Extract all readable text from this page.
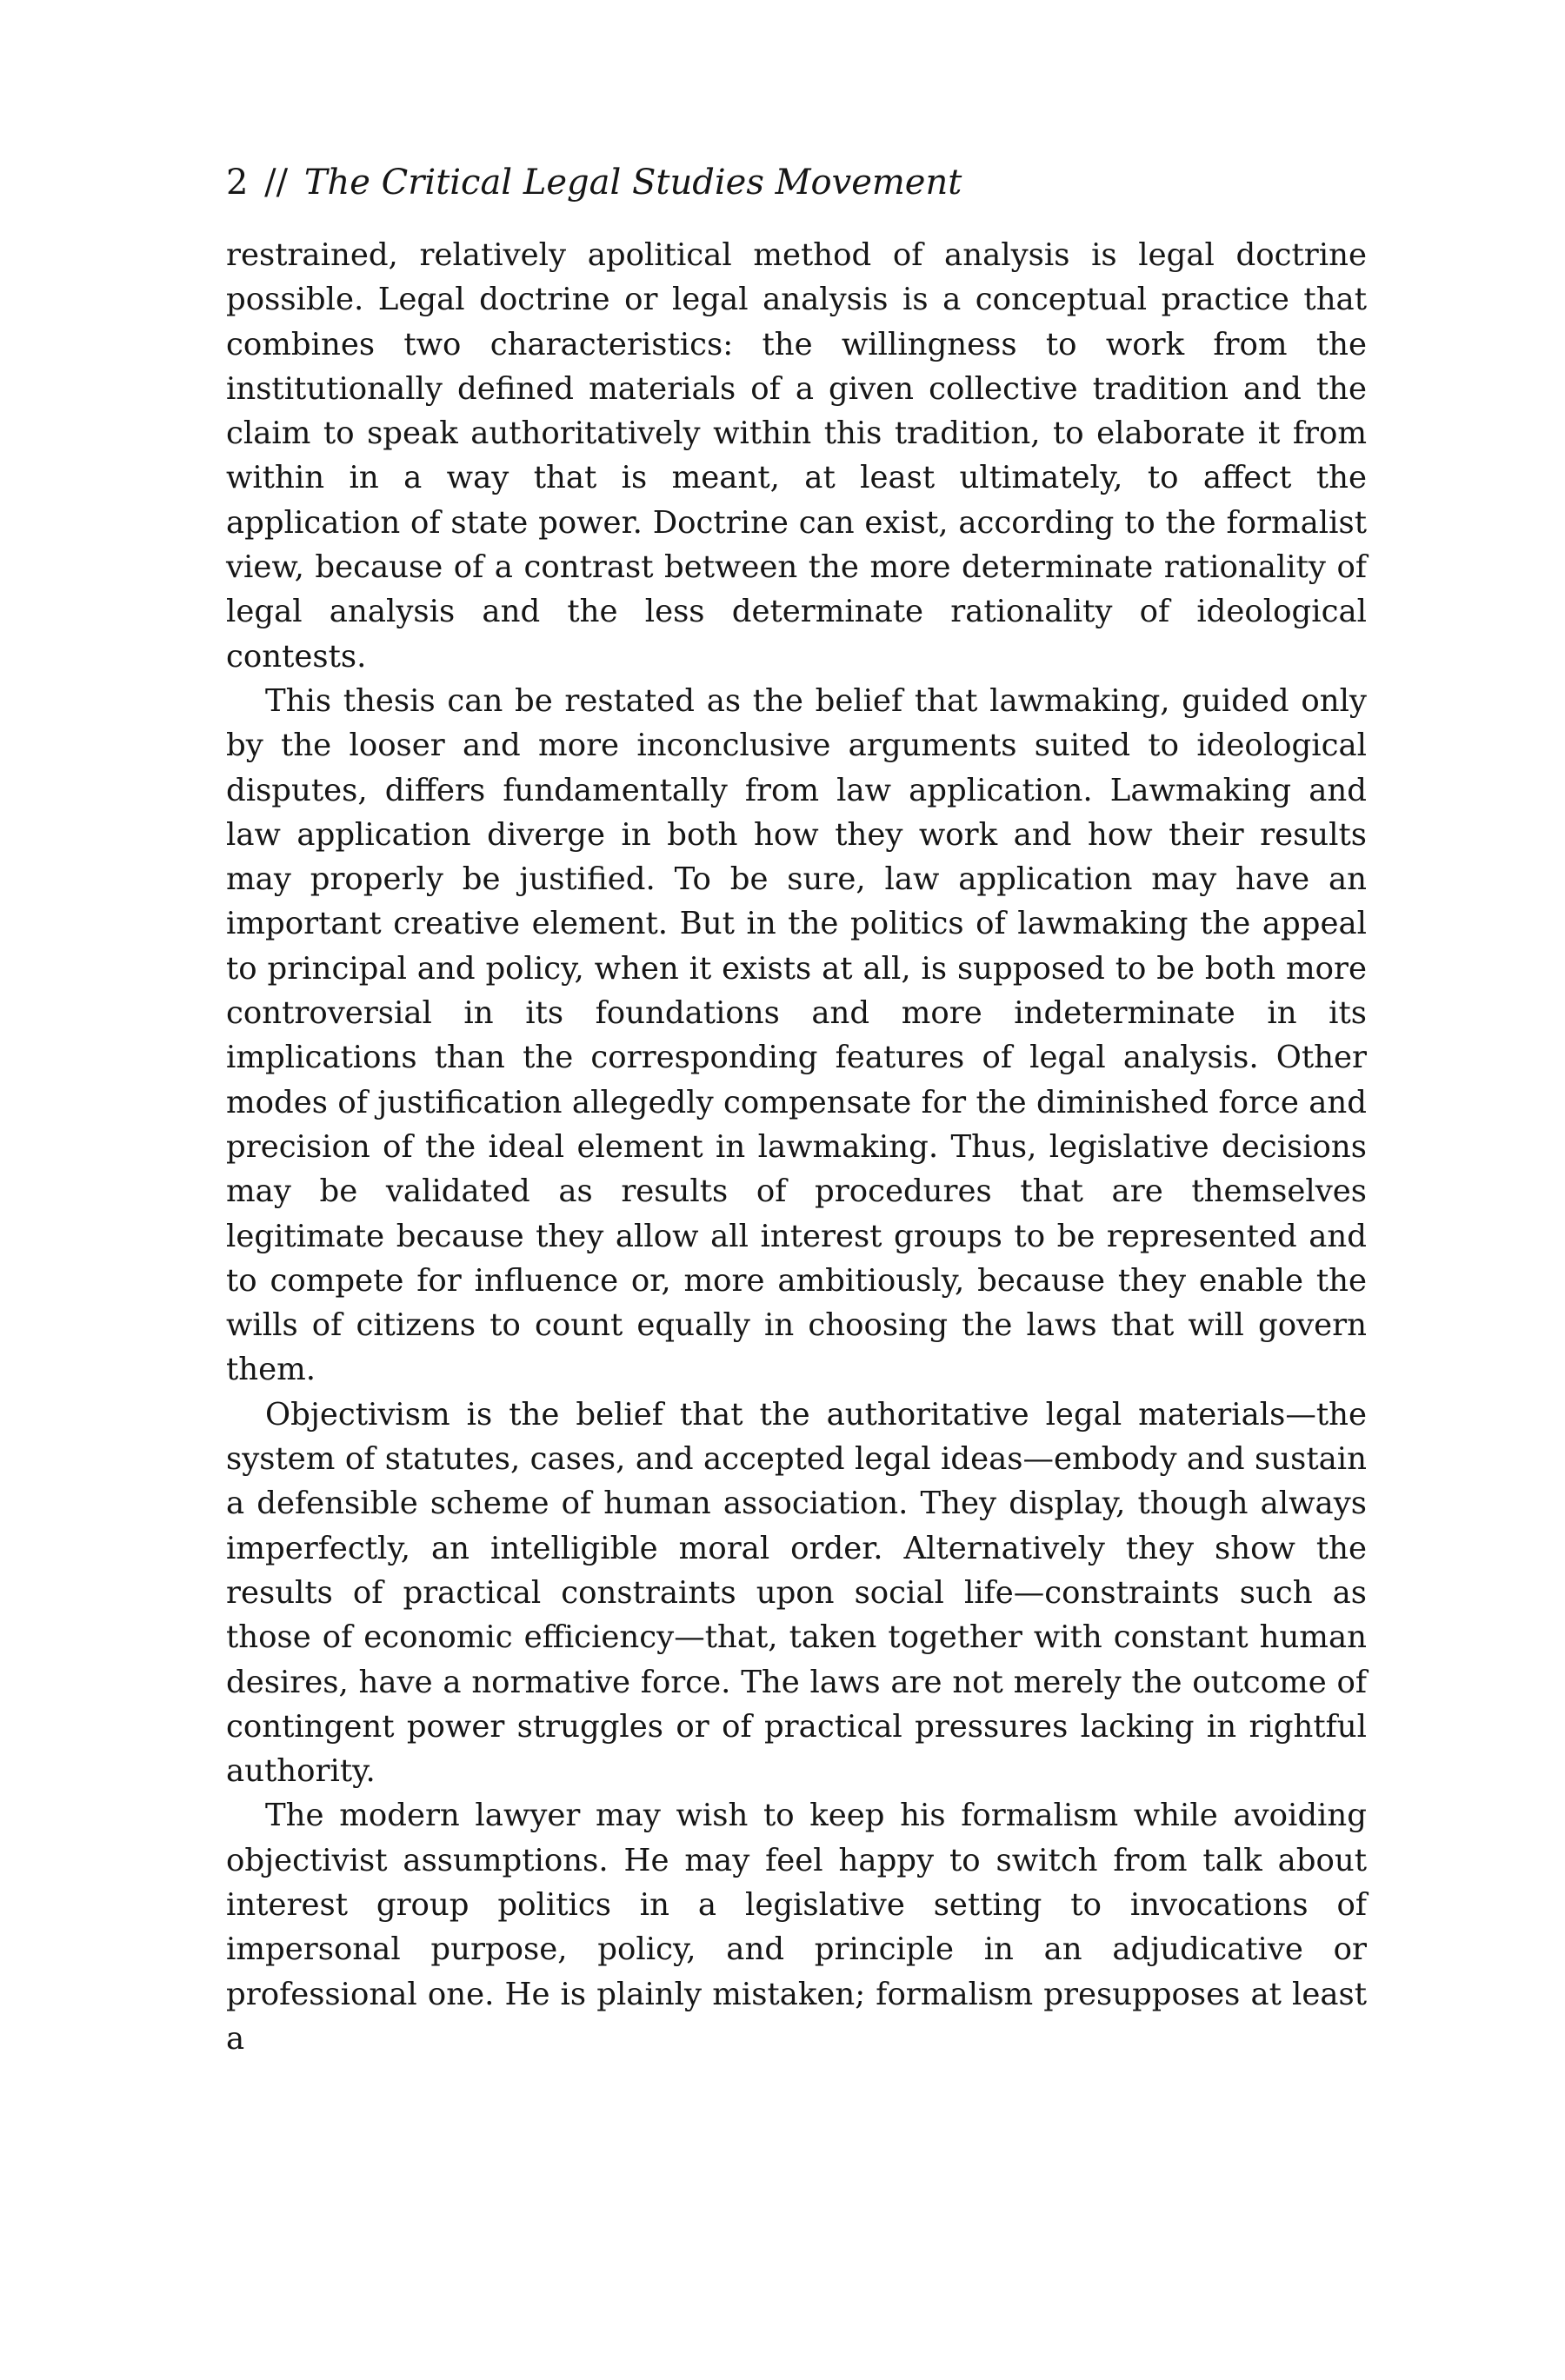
2 // The Critical Legal Studies Movement

restrained, relatively apolitical method of analysis is legal doctrine possible. Legal doctrine or legal analysis is a conceptual practice that combines two characteristics: the willingness to work from the institutionally defined materials of a given collective tradition and the claim to speak authoritatively within this tradition, to elaborate it from within in a way that is meant, at least ultimately, to affect the application of state power. Doctrine can exist, according to the formalist view, because of a contrast between the more determinate rationality of legal analysis and the less determinate rationality of ideological contests.

This thesis can be restated as the belief that lawmaking, guided only by the looser and more inconclusive arguments suited to ideological disputes, differs fundamentally from law application. Lawmaking and law application diverge in both how they work and how their results may properly be justified. To be sure, law application may have an important creative element. But in the politics of lawmaking the appeal to principal and policy, when it exists at all, is supposed to be both more controversial in its foundations and more indeterminate in its implications than the corresponding features of legal analysis. Other modes of justification allegedly compensate for the diminished force and precision of the ideal element in lawmaking. Thus, legislative decisions may be validated as results of procedures that are themselves legitimate because they allow all interest groups to be represented and to compete for influence or, more ambitiously, because they enable the wills of citizens to count equally in choosing the laws that will govern them.

Objectivism is the belief that the authoritative legal materials—the system of statutes, cases, and accepted legal ideas—embody and sustain a defensible scheme of human association. They display, though always imperfectly, an intelligible moral order. Alternatively they show the results of practical constraints upon social life—constraints such as those of economic efficiency—that, taken together with constant human desires, have a normative force. The laws are not merely the outcome of contingent power struggles or of practical pressures lacking in rightful authority.

The modern lawyer may wish to keep his formalism while avoiding objectivist assumptions. He may feel happy to switch from talk about interest group politics in a legislative setting to invocations of impersonal purpose, policy, and principle in an adjudicative or professional one. He is plainly mistaken; formalism presupposes at least a
